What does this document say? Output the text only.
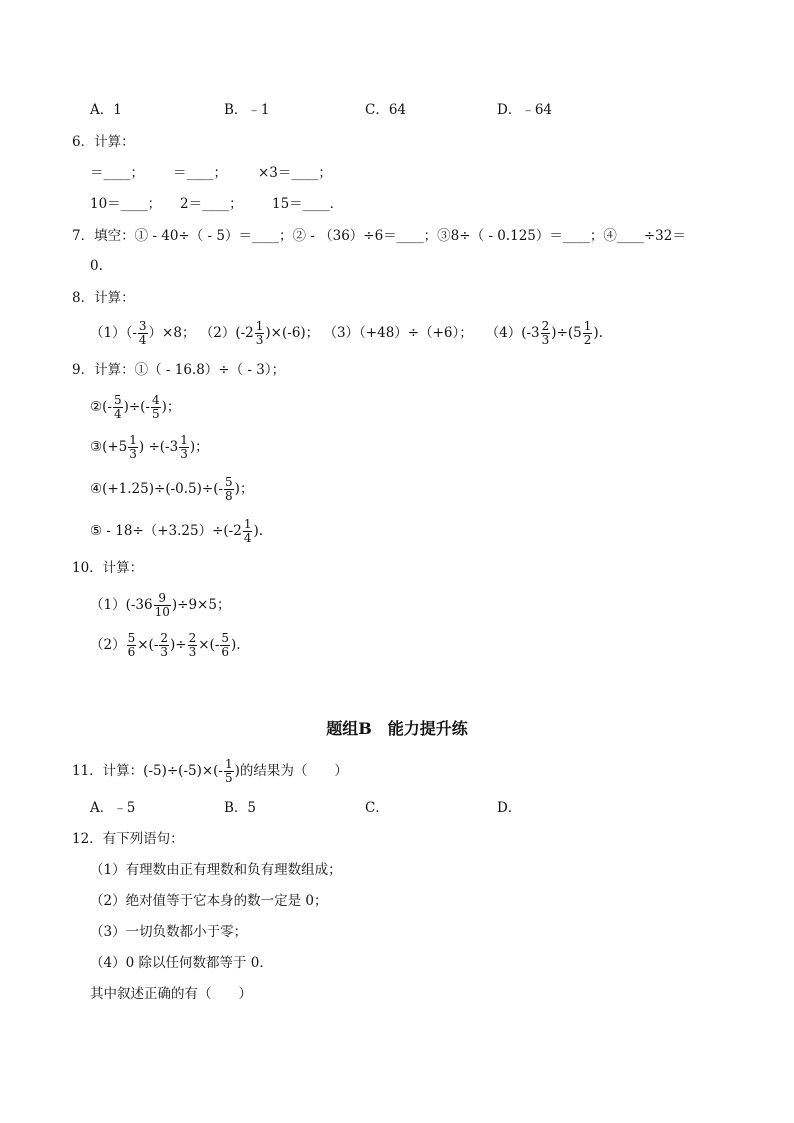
A．1	B．﹣1	C．64	D．﹣64
6．计算：
＝____； ＝____； ×3＝____；
10＝____； 2＝____； 15＝____．
7．填空：① - 40÷（ - 5）＝____；② - （36）÷6＝____；③8÷（ - 0.125）＝____；④____÷32＝
0.
8．计算：
$(1)(- \frac{3}{4} )\times 8$； $(2)(-2 \frac{1}{3} )\times(-6)$； （3）（+48）÷（+6）； $(4)(-3 \frac{2}{3} )\div(5 \frac{1}{2}$ ).
9．计算：①（ - 16.8）÷（ - 3）；
②(- $\frac{5}{4}$ )÷(- $\frac{4}{5}$ )；
③(+5 $\frac{1}{3}$ ) $\div(-3 \frac{1}{3}$ )；
④(+1.25)÷(-0.5)÷(- $\frac{5}{8}$ )；
⑤ - $18\div(+3.25)\div(-2 \frac{1}{4}$ ).
10．计算：
$(1)(-36 \frac{9}{10} )\div 9\times 5$；
$(2) \frac{5}{6}$ ×(- $\frac{2}{3}$ )÷ $\frac{2}{3}$ ×(- $\frac{5}{6}$ ).
题组B　能力提升练
11．计算：$(-5)\div(-5)\times(- \frac{1}{5}$ )的结果为（　　）
A．﹣5	B．5	C．	D．
12．有下列语句：
（1）有理数由正有理数和负有理数组成；
（2）绝对值等于它本身的数一定是 0；
（3）一切负数都小于零；
（4）0 除以任何数都等于 0．
其中叙述正确的有（　　）
